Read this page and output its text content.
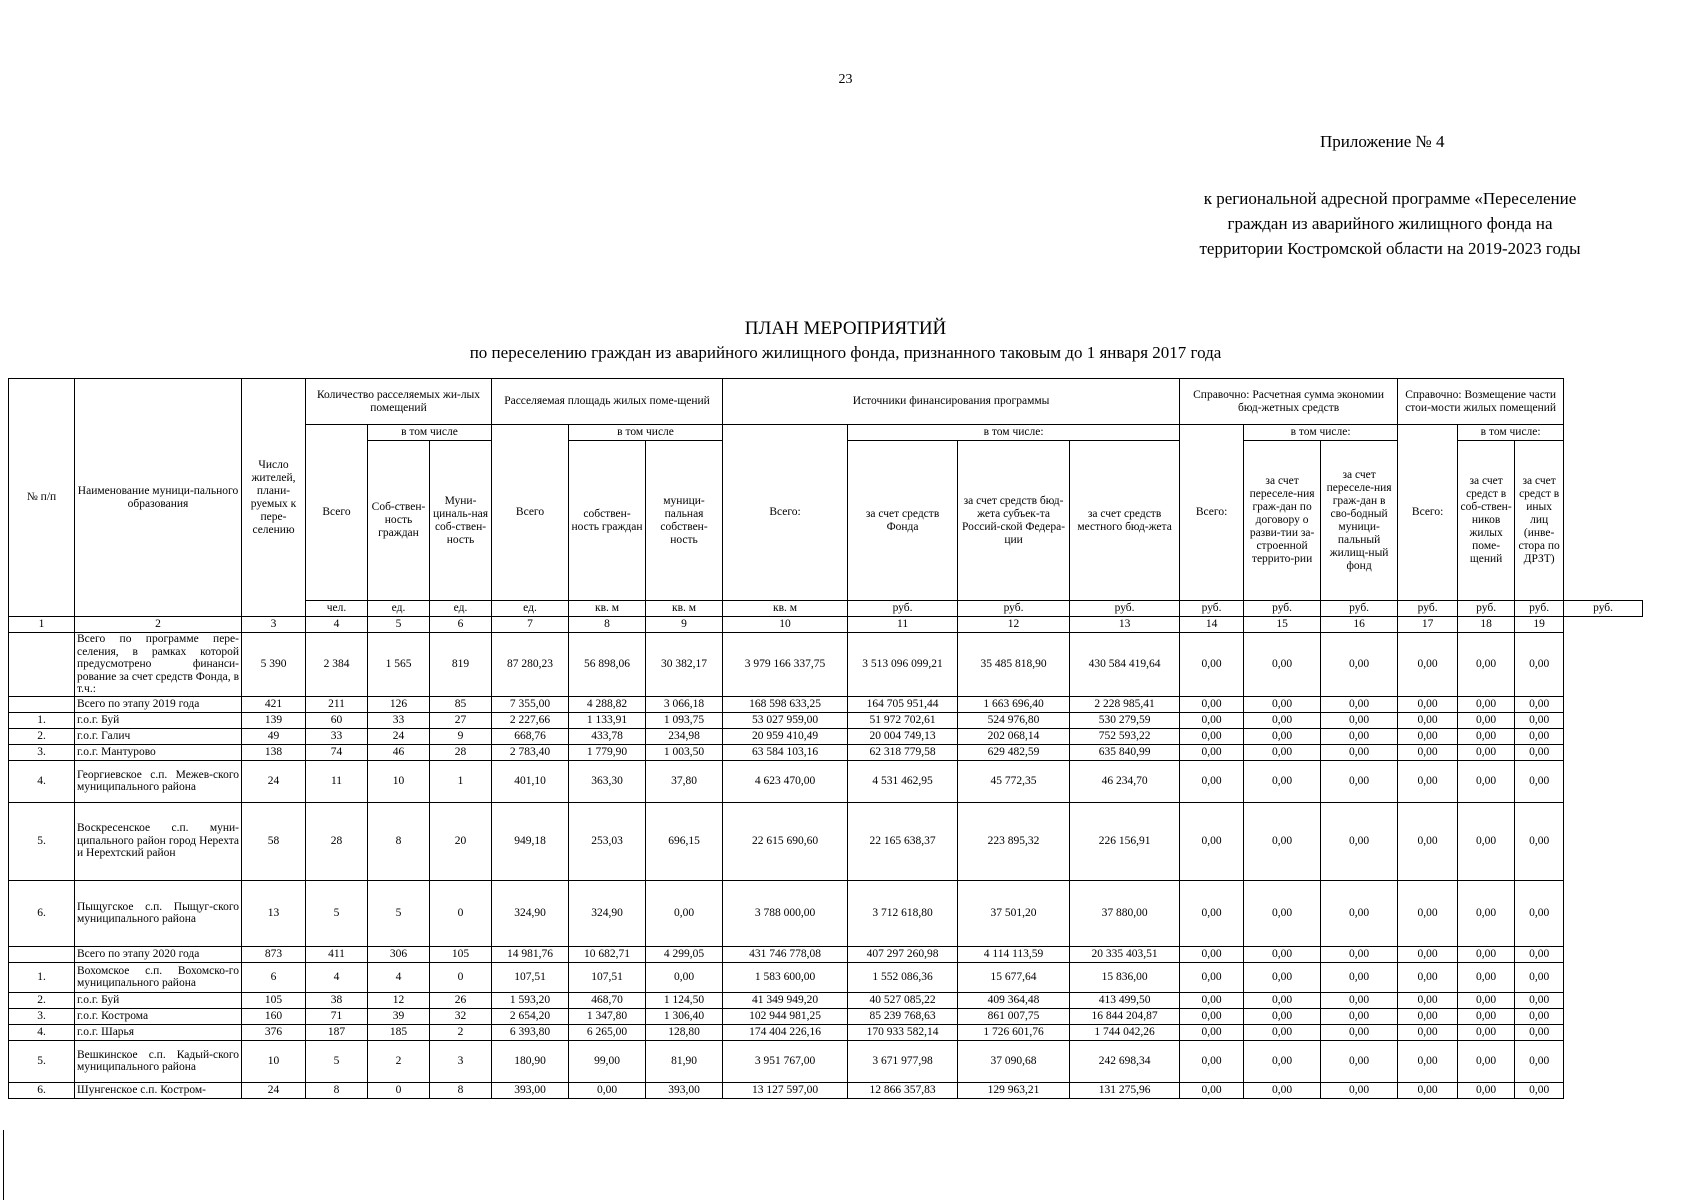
23
Приложение № 4
к региональной адресной программе «Переселение граждан из аварийного жилищного фонда на территории Костромской области на 2019-2023 годы
ПЛАН МЕРОПРИЯТИЙ
по переселению граждан из аварийного жилищного фонда, признанного таковым до 1 января 2017 года
№ п/п	Наименование муници-пального образования	Число жителей, плани-руемых к пере-селению	Количество расселяемых жи-лых помещений			Расселяемая площадь жилых поме-щений			Источники финансирования программы				Справочно: Расчетная сумма экономии бюд-жетных средств			Справочно: Возмещение части стои-мости жилых помещений			
			Всего	в том числе		Всего	в том числе		Всего:	в том числе:			Всего:	в том числе:		Всего:	в том числе:		
				Соб-ствен-ность граждан	Муни-циналь-ная соб-ствен-ность		собствен-ность граждан	муници-пальная собствен-ность		за счет средств Фонда	за счет средств бюд-жета субъек-та Россий-ской Федера-ции	за счет средств местного бюд-жета		за счет переселе-ния граж-дан по договору о разви-тии за-строенной террито-рии	за счет переселе-ния граж-дан в сво-бодный муници-пальный жилищ-ный фонд		за счет средст в соб-ствен-ников жилых поме-щений	за счет средст в иных лиц (инве-стора по ДРЗТ)	
			чел.	ед.	ед.	ед.	кв. м	кв. м	кв. м	руб.	руб.	руб.	руб.	руб.	руб.	руб.	руб.	руб.	руб.
1	2	3	4	5	6	7	8	9	10	11	12	13	14	15	16	17	18	19	
	Всего по программе пере-селения, в рамках которой предусмотрено финанси-рование за счет средств Фонда, в т.ч.:	5 390	2 384	1 565	819	87 280,23	56 898,06	30 382,17	3 979 166 337,75	3 513 096 099,21	35 485 818,90	430 584 419,64	0,00	0,00	0,00	0,00	0,00	0,00	
	Всего по этапу 2019 года	421	211	126	85	7 355,00	4 288,82	3 066,18	168 598 633,25	164 705 951,44	1 663 696,40	2 228 985,41	0,00	0,00	0,00	0,00	0,00	0,00	
1.	г.о.г. Буй	139	60	33	27	2 227,66	1 133,91	1 093,75	53 027 959,00	51 972 702,61	524 976,80	530 279,59	0,00	0,00	0,00	0,00	0,00	0,00	
2.	г.о.г. Галич	49	33	24	9	668,76	433,78	234,98	20 959 410,49	20 004 749,13	202 068,14	752 593,22	0,00	0,00	0,00	0,00	0,00	0,00	
3.	г.о.г. Мантурово	138	74	46	28	2 783,40	1 779,90	1 003,50	63 584 103,16	62 318 779,58	629 482,59	635 840,99	0,00	0,00	0,00	0,00	0,00	0,00	
4.	Георгиевское с.п. Межев-ского муниципального района	24	11	10	1	401,10	363,30	37,80	4 623 470,00	4 531 462,95	45 772,35	46 234,70	0,00	0,00	0,00	0,00	0,00	0,00	
5.	Воскресенское с.п. муни-ципального район город Нерехта и Нерехтский район	58	28	8	20	949,18	253,03	696,15	22 615 690,60	22 165 638,37	223 895,32	226 156,91	0,00	0,00	0,00	0,00	0,00	0,00	
6.	Пыщугское с.п. Пыщуг-ского муниципального района	13	5	5	0	324,90	324,90	0,00	3 788 000,00	3 712 618,80	37 501,20	37 880,00	0,00	0,00	0,00	0,00	0,00	0,00	
	Всего по этапу 2020 года	873	411	306	105	14 981,76	10 682,71	4 299,05	431 746 778,08	407 297 260,98	4 114 113,59	20 335 403,51	0,00	0,00	0,00	0,00	0,00	0,00	
1.	Вохомское с.п. Вохомско-го муниципального района	6	4	4	0	107,51	107,51	0,00	1 583 600,00	1 552 086,36	15 677,64	15 836,00	0,00	0,00	0,00	0,00	0,00	0,00	
2.	г.о.г. Буй	105	38	12	26	1 593,20	468,70	1 124,50	41 349 949,20	40 527 085,22	409 364,48	413 499,50	0,00	0,00	0,00	0,00	0,00	0,00	
3.	г.о.г. Кострома	160	71	39	32	2 654,20	1 347,80	1 306,40	102 944 981,25	85 239 768,63	861 007,75	16 844 204,87	0,00	0,00	0,00	0,00	0,00	0,00	
4.	г.о.г. Шарья	376	187	185	2	6 393,80	6 265,00	128,80	174 404 226,16	170 933 582,14	1 726 601,76	1 744 042,26	0,00	0,00	0,00	0,00	0,00	0,00	
5.	Вешкинское с.п. Кадый-ского муниципального района	10	5	2	3	180,90	99,00	81,90	3 951 767,00	3 671 977,98	37 090,68	242 698,34	0,00	0,00	0,00	0,00	0,00	0,00	
6.	Шунгенское с.п. Костром-	24	8	0	8	393,00	0,00	393,00	13 127 597,00	12 866 357,83	129 963,21	131 275,96	0,00	0,00	0,00	0,00	0,00	0,00	
